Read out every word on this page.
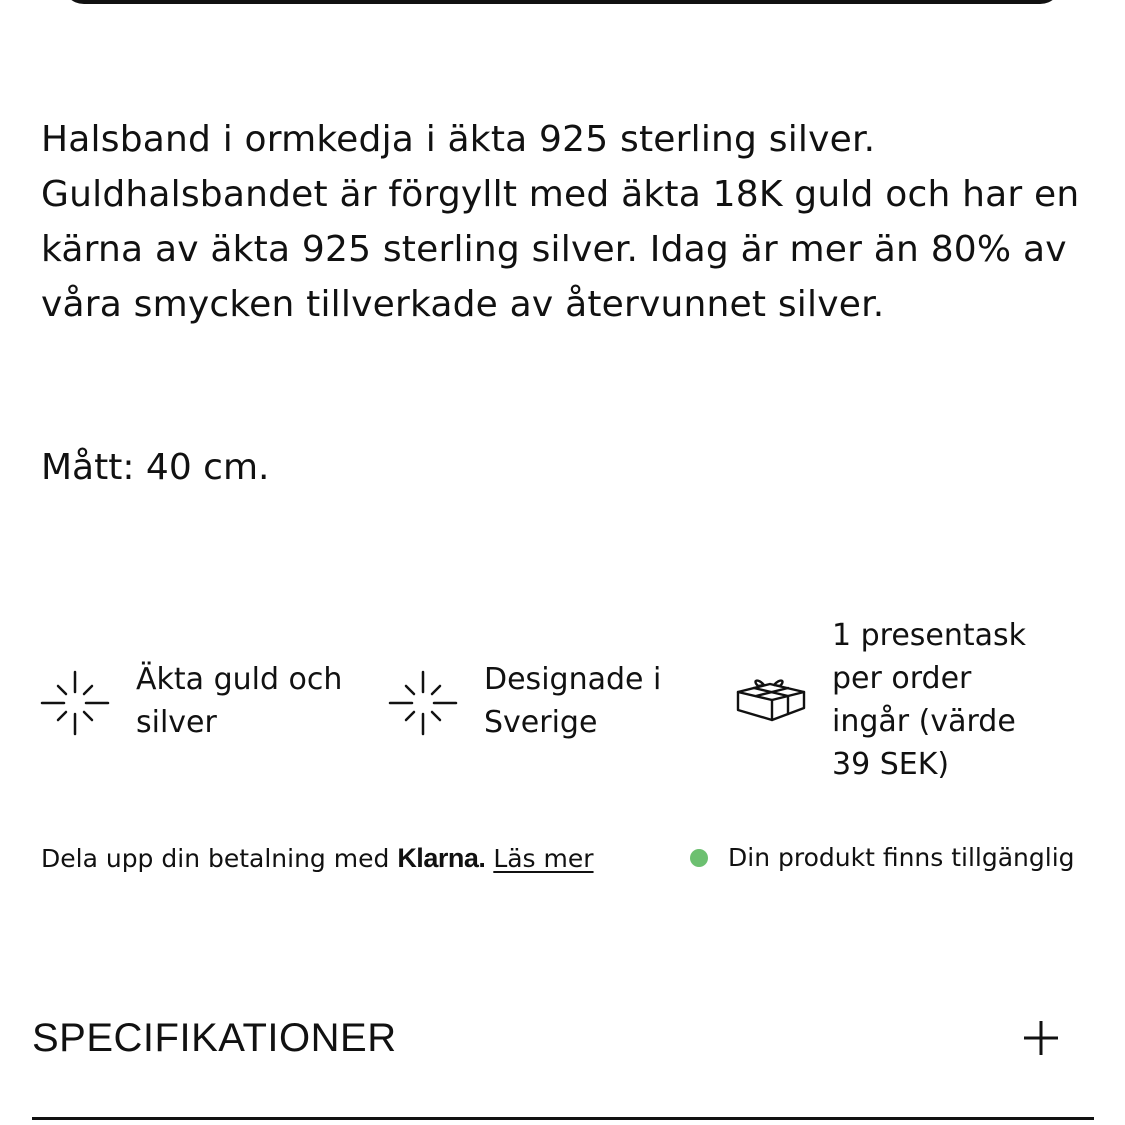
Halsband i ormkedja i äkta 925 sterling silver. Guldhalsbandet är förgyllt med äkta 18K guld och har en kärna av äkta 925 sterling silver. Idag är mer än 80% av våra smycken tillverkade av återvunnet silver.

Mått: 40 cm.

Äkta guld och
silver
Designade i
Sverige
1 presentask
per order
ingår (värde
39 SEK)
Dela upp din betalning med Klarna. Läs mer	Din produkt finns tillgänglig
SPECIFIKATIONER
